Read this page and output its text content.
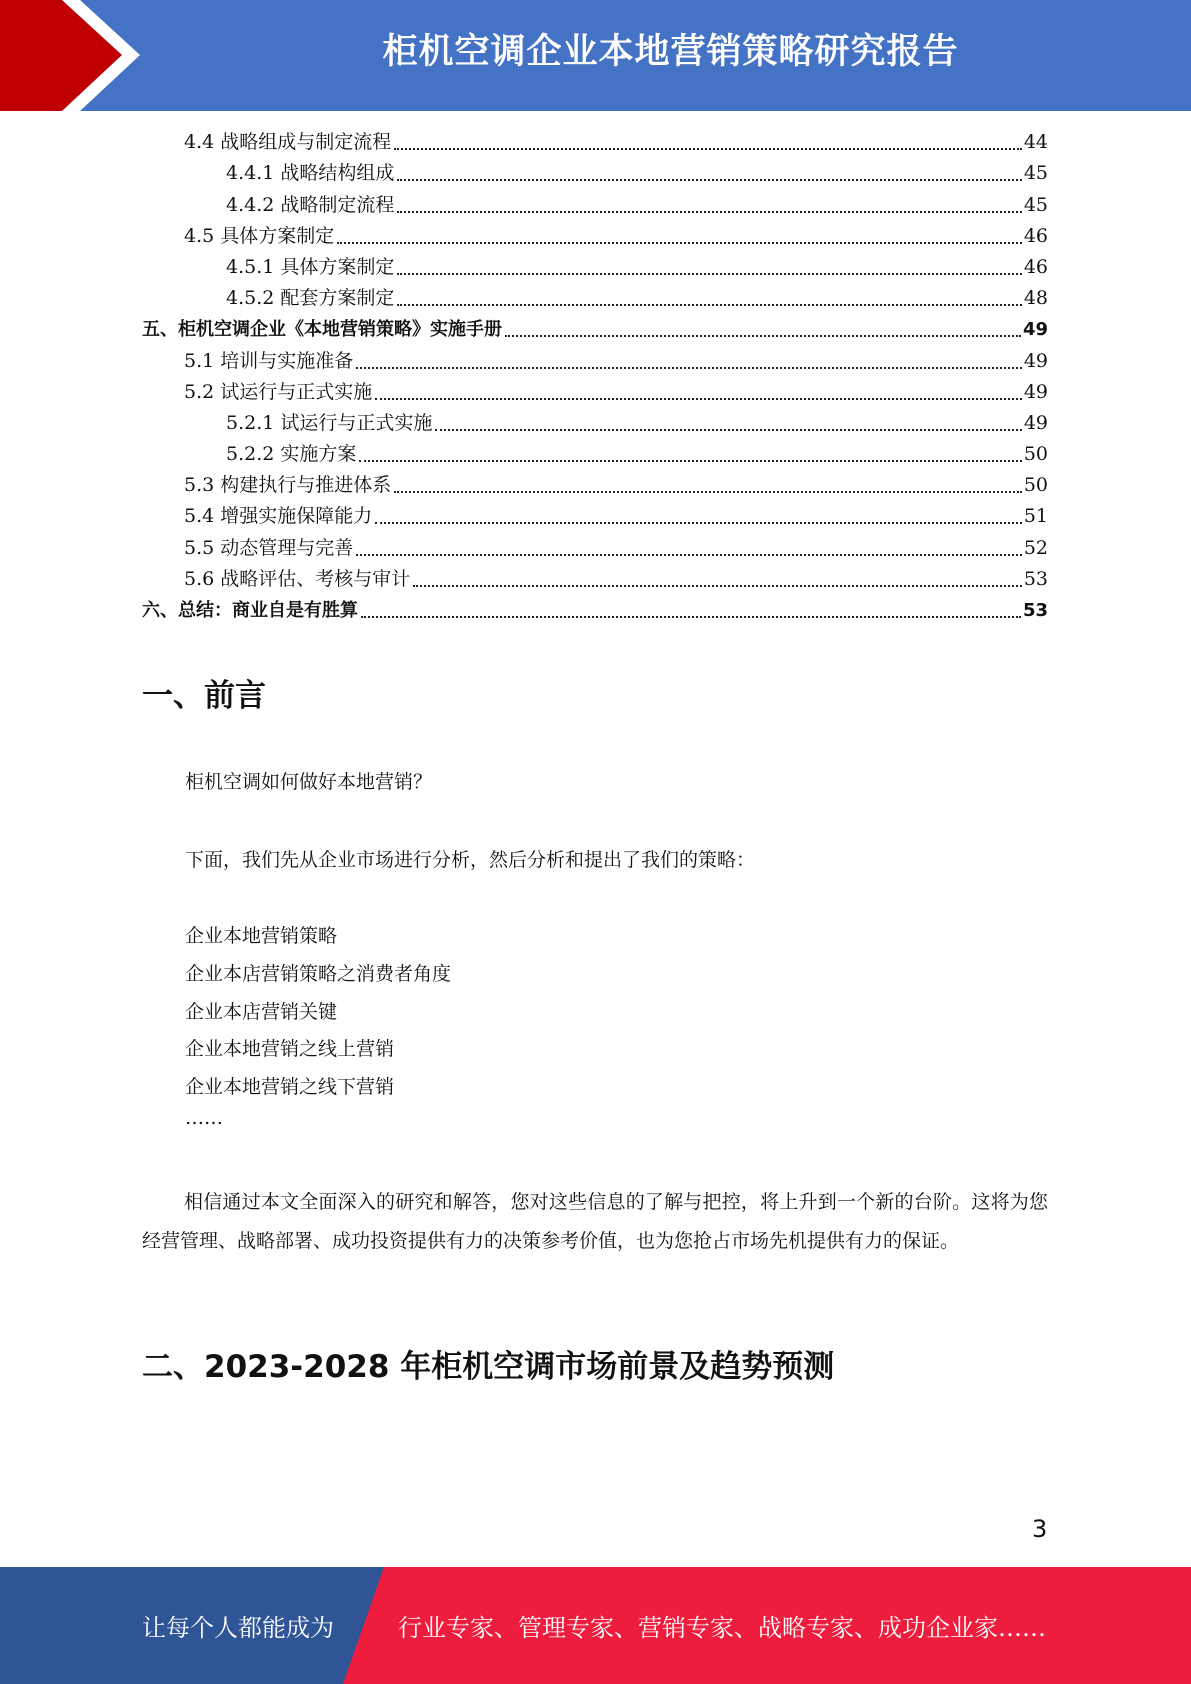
柜机空调企业本地营销策略研究报告
4.4 战略组成与制定流程	44
4.4.1 战略结构组成	45
4.4.2 战略制定流程	45
4.5 具体方案制定	46
4.5.1 具体方案制定	46
4.5.2 配套方案制定	48
五、柜机空调企业《本地营销策略》实施手册	49
5.1 培训与实施准备	49
5.2 试运行与正式实施	49
5.2.1 试运行与正式实施	49
5.2.2 实施方案	50
5.3 构建执行与推进体系	50
5.4 增强实施保障能力	51
5.5 动态管理与完善	52
5.6 战略评估、考核与审计	53
六、总结：商业自是有胜算	53
一、前言

柜机空调如何做好本地营销？

下面，我们先从企业市场进行分析，然后分析和提出了我们的策略：

企业本地营销策略
企业本店营销策略之消费者角度
企业本店营销关键
企业本地营销之线上营销
企业本地营销之线下营销

……

相信通过本文全面深入的研究和解答，您对这些信息的了解与把控，将上升到一个新的台阶。这将为您经营管理、战略部署、成功投资提供有力的决策参考价值，也为您抢占市场先机提供有力的保证。

二、2023-2028 年柜机空调市场前景及趋势预测
3
让每个人都能成为	行业专家、管理专家、营销专家、战略专家、成功企业家……
